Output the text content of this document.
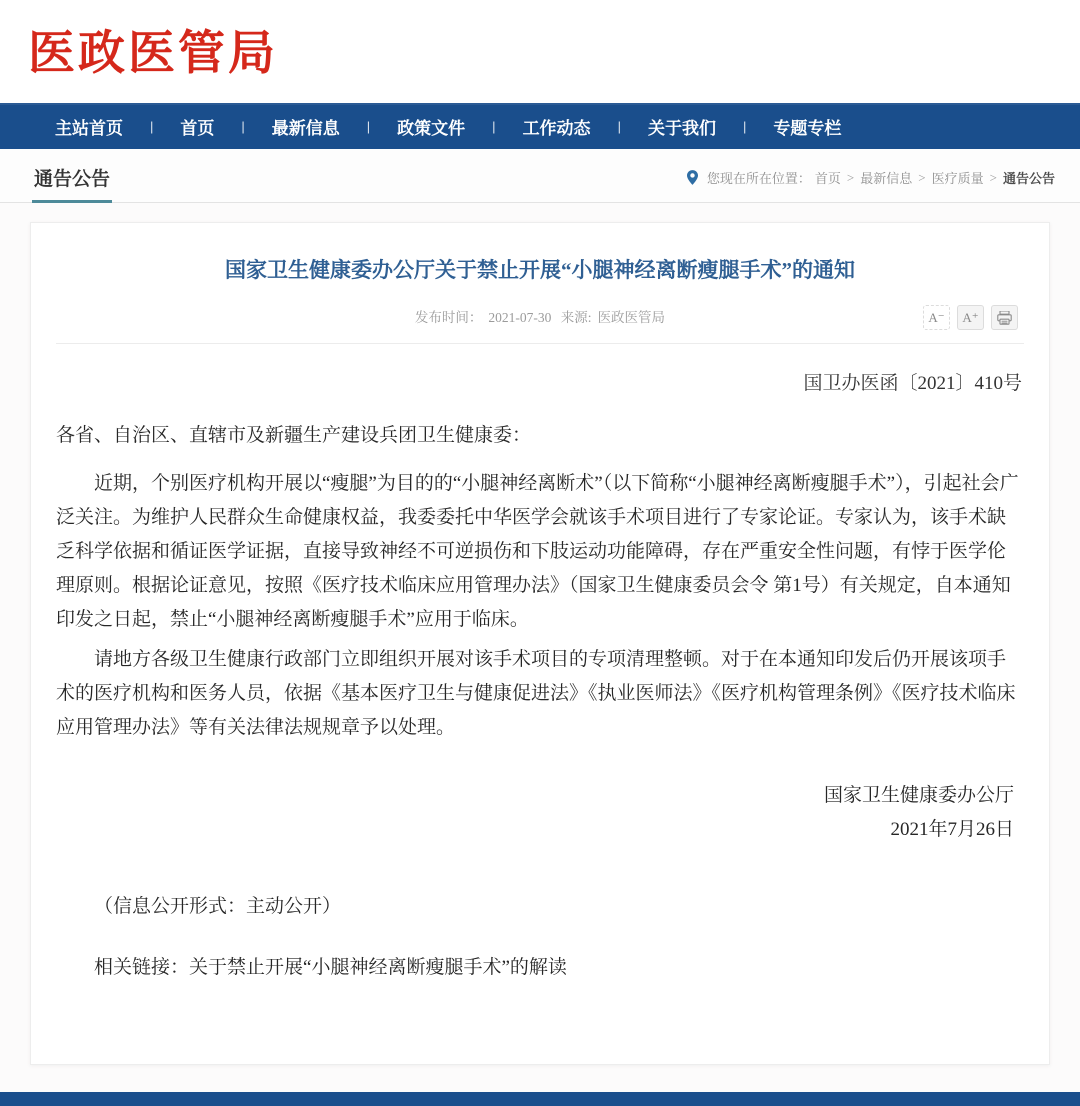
医政医管局
主站首页 | 首页 | 最新信息 | 政策文件 | 工作动态 | 关于我们 | 专题专栏
通告公告	您现在所在位置： 首页 > 最新信息 > 医疗质量 > 通告公告
国家卫生健康委办公厅关于禁止开展“小腿神经离断瘦腿手术”的通知
发布时间： 2021-07-30 来源: 医政医管局	A⁻	A⁺
国卫办医函〔2021〕410号

各省、自治区、直辖市及新疆生产建设兵团卫生健康委：

近期，个别医疗机构开展以“瘦腿”为目的的“小腿神经离断术”（以下简称“小腿神经离断瘦腿手术”），引起社会广泛关注。为维护人民群众生命健康权益，我委委托中华医学会就该手术项目进行了专家论证。专家认为，该手术缺乏科学依据和循证医学证据，直接导致神经不可逆损伤和下肢运动功能障碍，存在严重安全性问题，有悖于医学伦理原则。根据论证意见，按照《医疗技术临床应用管理办法》（国家卫生健康委员会令 第1号）有关规定，自本通知印发之日起，禁止“小腿神经离断瘦腿手术”应用于临床。

请地方各级卫生健康行政部门立即组织开展对该手术项目的专项清理整顿。对于在本通知印发后仍开展该项手术的医疗机构和医务人员，依据《基本医疗卫生与健康促进法》《执业医师法》《医疗机构管理条例》《医疗技术临床应用管理办法》等有关法律法规规章予以处理。

国家卫生健康委办公厅
2021年7月26日

（信息公开形式：主动公开）

相关链接：关于禁止开展“小腿神经离断瘦腿手术”的解读
